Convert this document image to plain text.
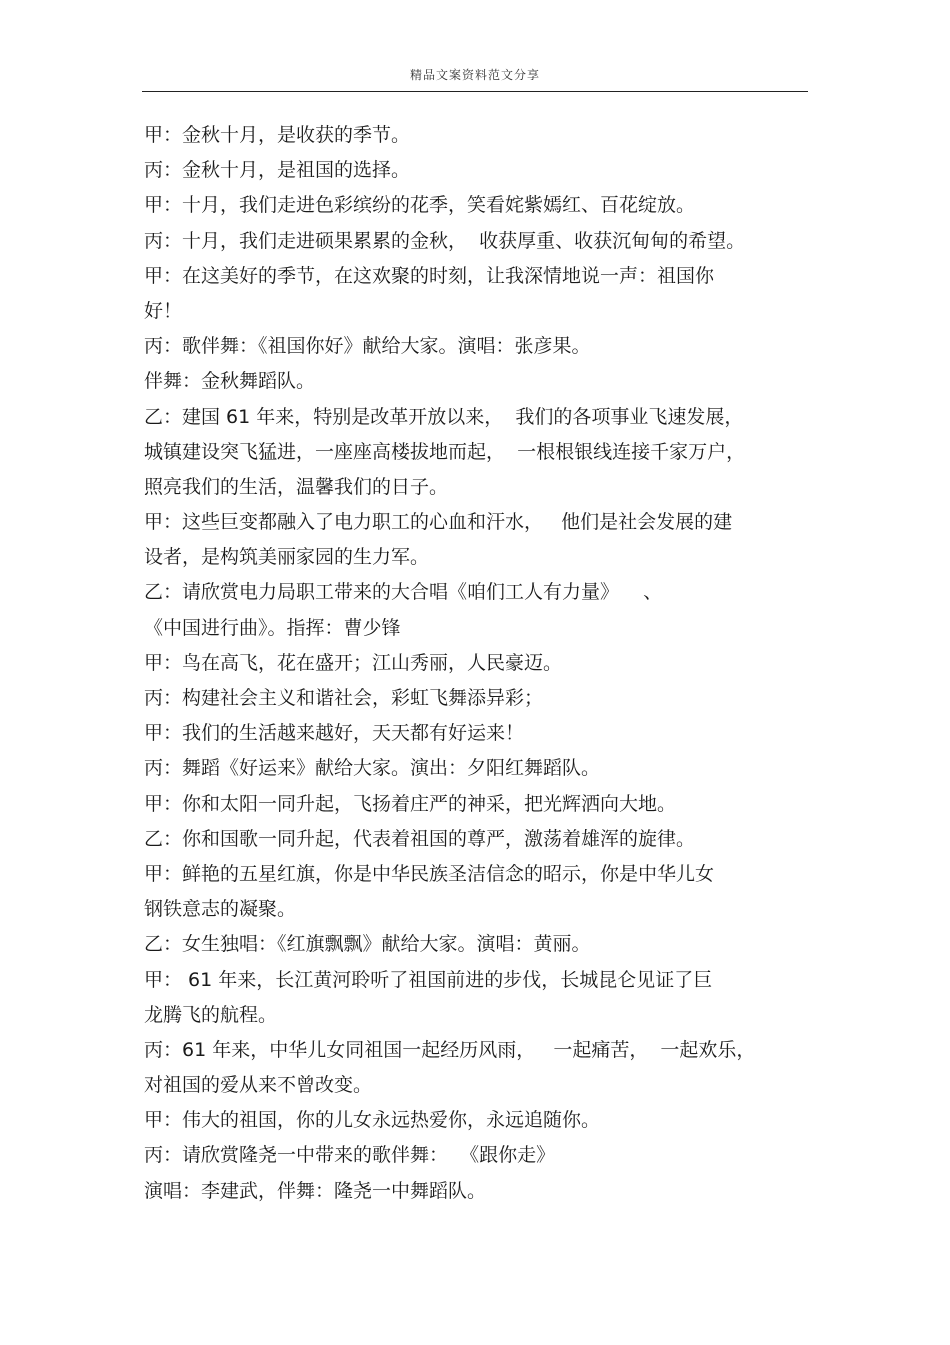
精品文案资料范文分享
甲：金秋十月，是收获的季节。
丙：金秋十月，是祖国的选择。
甲：十月，我们走进色彩缤纷的花季，笑看姹紫嫣红、百花绽放。
丙：十月，我们走进硕果累累的金秋，  收获厚重、收获沉甸甸的希望。
甲：在这美好的季节，在这欢聚的时刻，让我深情地说一声：祖国你
好！
丙：歌伴舞：《祖国你好》献给大家。演唱：张彦果。
伴舞：金秋舞蹈队。
乙：建国 61 年来，特别是改革开放以来，  我们的各项事业飞速发展，
城镇建设突飞猛进，一座座高楼拔地而起，  一根根银线连接千家万户，
照亮我们的生活，温馨我们的日子。
甲：这些巨变都融入了电力职工的心血和汗水，   他们是社会发展的建
设者，是构筑美丽家园的生力军。
乙：请欣赏电力局职工带来的大合唱《咱们工人有力量》    、
《中国进行曲》。指挥：曹少锋
甲：鸟在高飞，花在盛开；江山秀丽，人民豪迈。
丙：构建社会主义和谐社会，彩虹飞舞添异彩；
甲：我们的生活越来越好，天天都有好运来！
丙：舞蹈《好运来》献给大家。演出：夕阳红舞蹈队。
甲：你和太阳一同升起，飞扬着庄严的神采，把光辉洒向大地。
乙：你和国歌一同升起，代表着祖国的尊严，激荡着雄浑的旋律。
甲：鲜艳的五星红旗，你是中华民族圣洁信念的昭示，你是中华儿女
钢铁意志的凝聚。
乙：女生独唱：《红旗飘飘》献给大家。演唱：黄丽。
甲： 61 年来，长江黄河聆听了祖国前进的步伐，长城昆仑见证了巨
龙腾飞的航程。
丙：61 年来，中华儿女同祖国一起经历风雨，   一起痛苦，  一起欢乐，
对祖国的爱从来不曾改变。
甲：伟大的祖国，你的儿女永远热爱你，永远追随你。
丙：请欣赏隆尧一中带来的歌伴舞：  《跟你走》
演唱：李建武，伴舞：隆尧一中舞蹈队。
